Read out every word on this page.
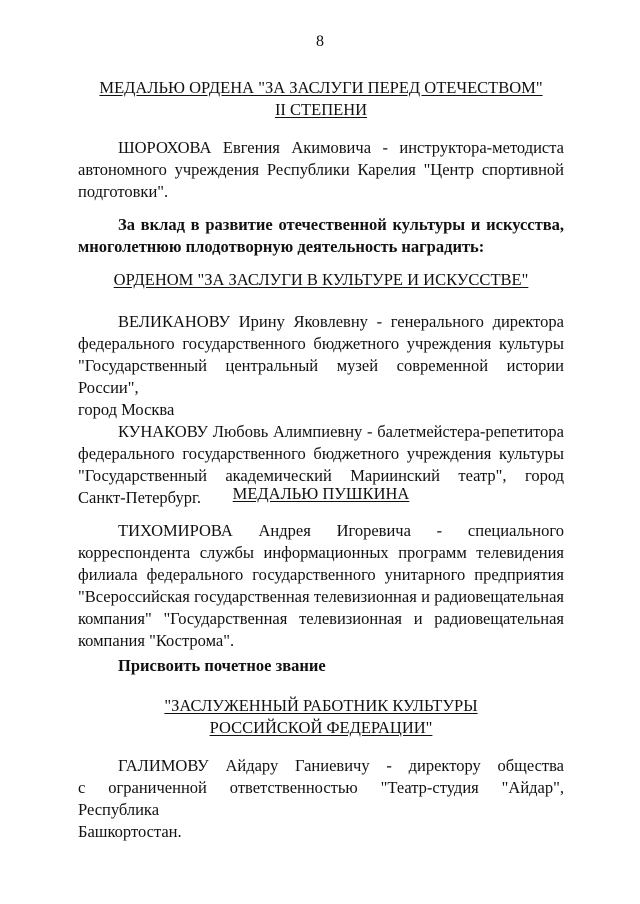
8
МЕДАЛЬЮ ОРДЕНА "ЗА ЗАСЛУГИ ПЕРЕД ОТЕЧЕСТВОМ"
II СТЕПЕНИ
ШОРОХОВА Евгения Акимовича - инструктора-методиста
автономного учреждения Республики Карелия "Центр спортивной
подготовки".
За вклад в развитие отечественной культуры и искусства,
многолетнюю плодотворную деятельность наградить:
ОРДЕНОМ "ЗА ЗАСЛУГИ В КУЛЬТУРЕ И ИСКУССТВЕ"
ВЕЛИКАНОВУ Ирину Яковлевну - генерального директора
федерального государственного бюджетного учреждения культуры
"Государственный центральный музей современной истории России",
город Москва
КУНАКОВУ Любовь Алимпиевну - балетмейстера-репетитора
федерального государственного бюджетного учреждения культуры
"Государственный академический Мариинский театр", город
Санкт-Петербург.	МЕДАЛЬЮ ПУШКИНА
ТИХОМИРОВА Андрея Игоревича - специального
корреспондента службы информационных программ телевидения
филиала федерального государственного унитарного предприятия
"Всероссийская государственная телевизионная и радиовещательная
компания" "Государственная телевизионная и радиовещательная
компания "Кострома".
Присвоить почетное звание
"ЗАСЛУЖЕННЫЙ РАБОТНИК КУЛЬТУРЫ
РОССИЙСКОЙ ФЕДЕРАЦИИ"
ГАЛИМОВУ Айдару Ганиевичу - директору общества
с ограниченной ответственностью "Театр-студия "Айдар", Республика
Башкортостан.
